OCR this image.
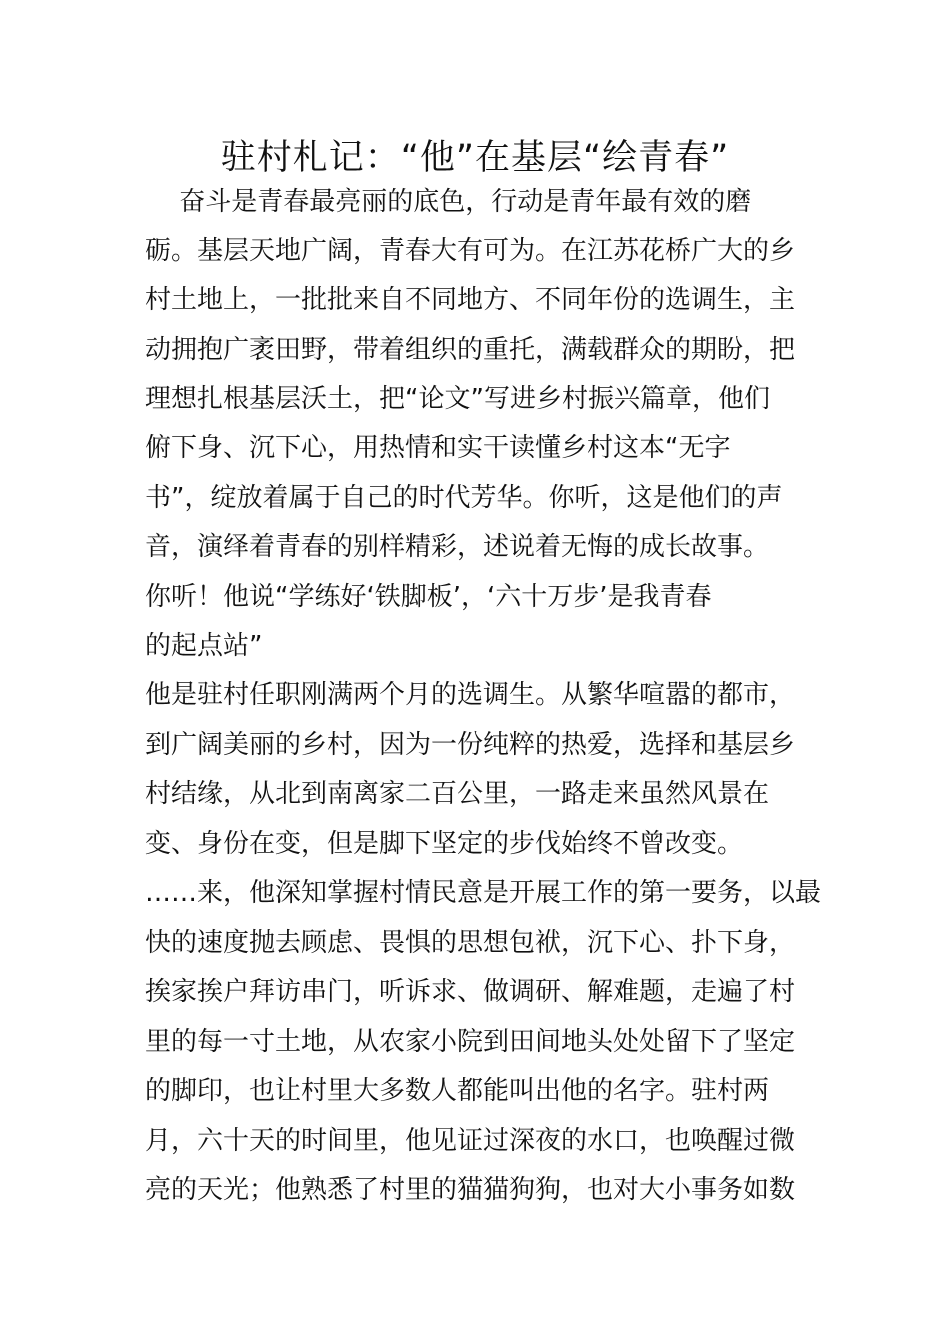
驻村札记：“他”在基层“绘青春”

　 奋斗是青春最亮丽的底色，行动是青年最有效的磨

砺。基层天地广阔，青春大有可为。在江苏花桥广大的乡

村土地上，一批批来自不同地方、不同年份的选调生，主

动拥抱广袤田野，带着组织的重托，满载群众的期盼，把

理想扎根基层沃土，把“论文”写进乡村振兴篇章，他们

俯下身、沉下心，用热情和实干读懂乡村这本“无字

书”，绽放着属于自己的时代芳华。你听，这是他们的声

音，演绎着青春的别样精彩，述说着无悔的成长故事。

你听！他说“学练好‘铁脚板’，‘六十万步’是我青春

的起点站”

他是驻村任职刚满两个月的选调生。从繁华喧嚣的都市，

到广阔美丽的乡村，因为一份纯粹的热爱，选择和基层乡

村结缘，从北到南离家二百公里，一路走来虽然风景在

变、身份在变，但是脚下坚定的步伐始终不曾改变。

……来，他深知掌握村情民意是开展工作的第一要务，以最

快的速度抛去顾虑、畏惧的思想包袱，沉下心、扑下身，

挨家挨户拜访串门，听诉求、做调研、解难题，走遍了村

里的每一寸土地，从农家小院到田间地头处处留下了坚定

的脚印，也让村里大多数人都能叫出他的名字。驻村两

月，六十天的时间里，他见证过深夜的水口，也唤醒过微

亮的天光；他熟悉了村里的猫猫狗狗，也对大小事务如数
